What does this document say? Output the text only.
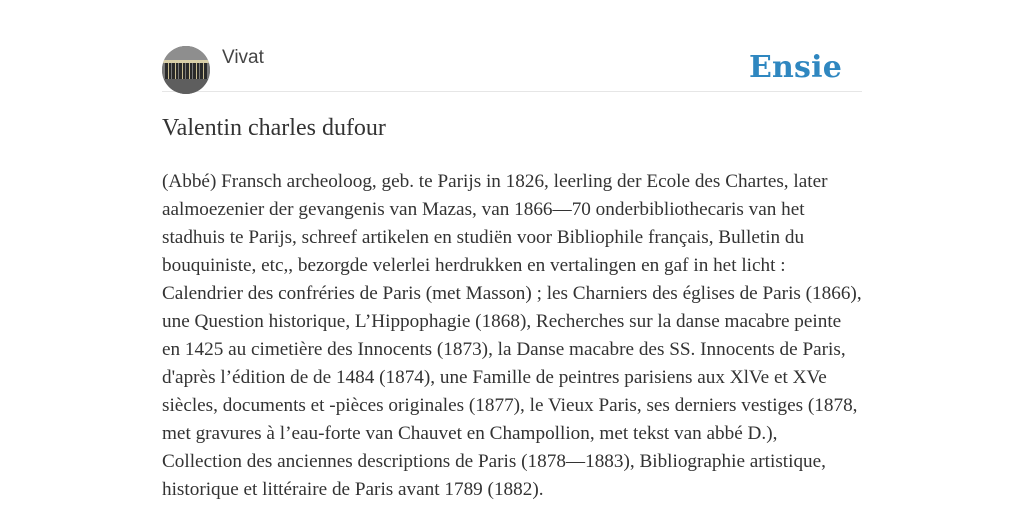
Vivat	Ensie
Valentin charles dufour

(Abbé) Fransch archeoloog, geb. te Parijs in 1826, leerling der Ecole des Chartes, later aalmoezenier der gevangenis van Mazas, van 1866—70 onderbibliothecaris van het stadhuis te Parijs, schreef artikelen en studiën voor Bibliophile français, Bulletin du bouquiniste, etc,, bezorgde velerlei herdrukken en vertalingen en gaf in het licht : Calendrier des confréries de Paris (met Masson) ; les Charniers des églises de Paris (1866), une Question historique, L’Hippophagie (1868), Recherches sur la danse macabre peinte en 1425 au cimetière des Innocents (1873), la Danse macabre des SS. Innocents de Paris, d'après l’édition de de 1484 (1874), une Famille de peintres parisiens aux XlVe et XVe siècles, documents et -pièces originales (1877), le Vieux Paris, ses derniers vestiges (1878, met gravures à l’eau-forte van Chauvet en Champollion, met tekst van abbé D.), Collection des anciennes descriptions de Paris (1878—1883), Bibliographie artistique, historique et littéraire de Paris avant 1789 (1882).
